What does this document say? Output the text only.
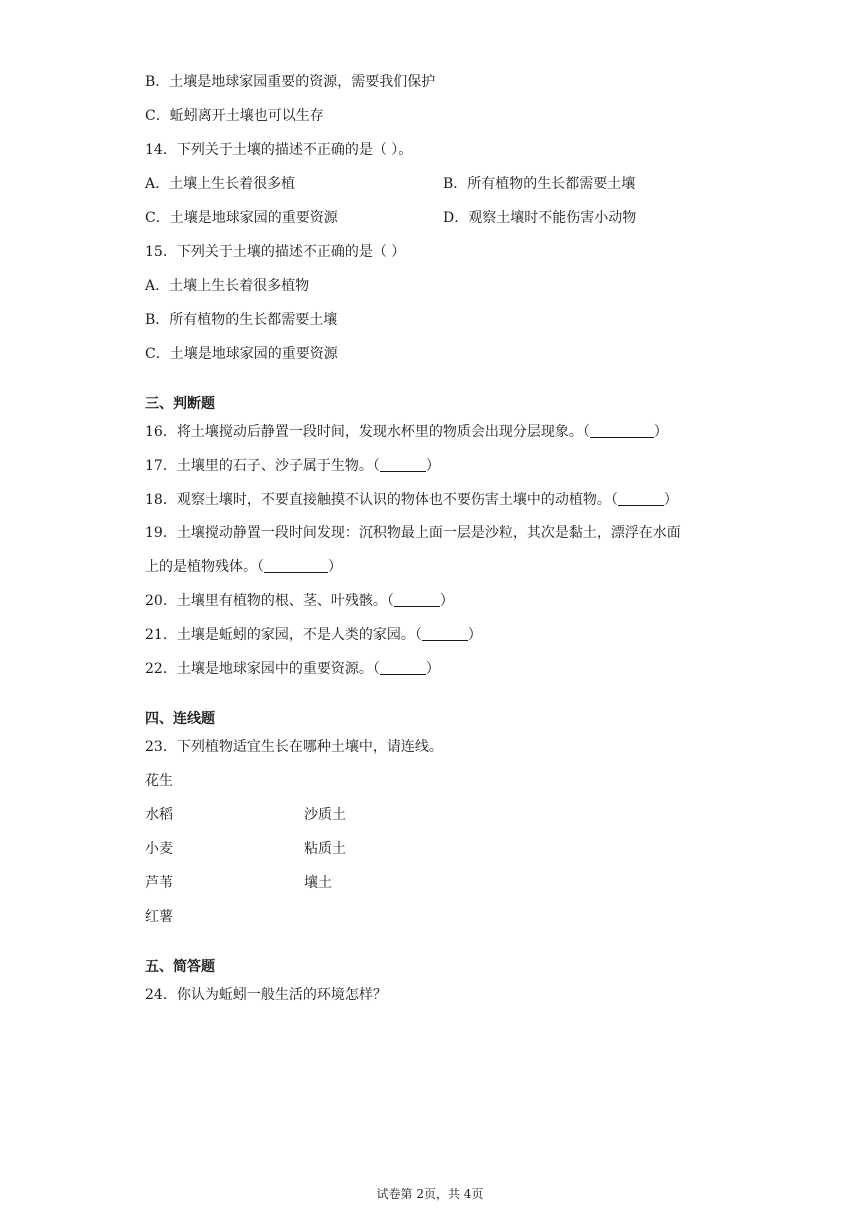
B．土壤是地球家园重要的资源，需要我们保护
C．蚯蚓离开土壤也可以生存
14．下列关于土壤的描述不正确的是（ ）。
A．土壤上生长着很多植	B．所有植物的生长都需要土壤
C．土壤是地球家园的重要资源	D．观察土壤时不能伤害小动物
15．下列关于土壤的描述不正确的是（ ）
A．土壤上生长着很多植物
B．所有植物的生长都需要土壤
C．土壤是地球家园的重要资源
三、判断题
16．将土壤搅动后静置一段时间，发现水杯里的物质会出现分层现象。（	）
17．土壤里的石子、沙子属于生物。（	）
18．观察土壤时，不要直接触摸不认识的物体也不要伤害土壤中的动植物。（	）
19．土壤搅动静置一段时间发现：沉积物最上面一层是沙粒，其次是黏土，漂浮在水面
上的是植物残体。（	）
20．土壤里有植物的根、茎、叶残骸。（	）
21．土壤是蚯蚓的家园，不是人类的家园。（	）
22．土壤是地球家园中的重要资源。（	）
四、连线题
23．下列植物适宜生长在哪种土壤中，请连线。
花生
水稻
小麦
芦苇
红薯
沙质土
粘质土
壤土
五、简答题
24．你认为蚯蚓一般生活的环境怎样？
试卷第 2页，共 4页
